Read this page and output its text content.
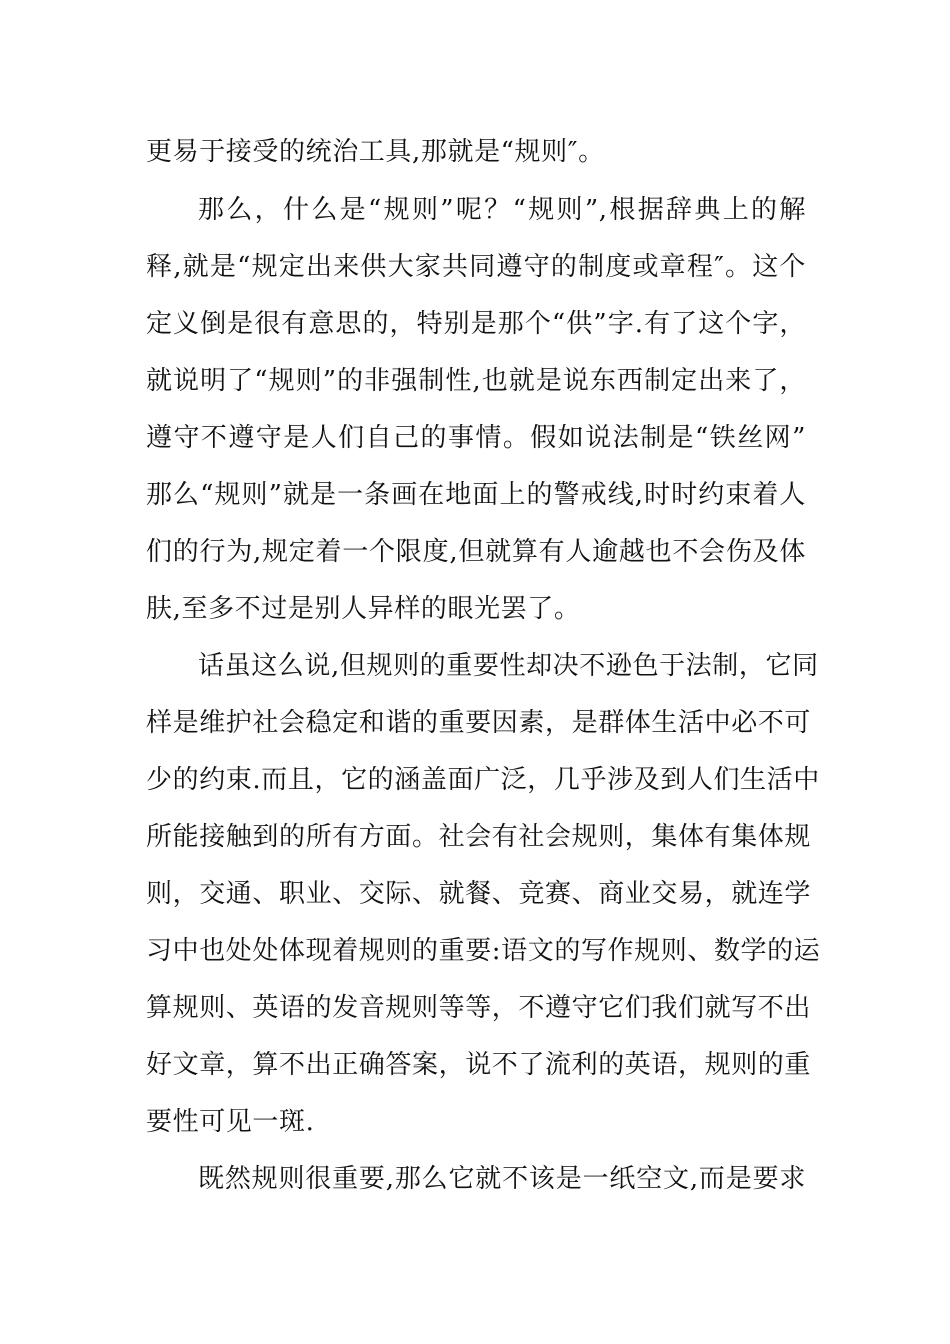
更易于接受的统治工具,那就是“规则″。
那么，什么是“规则”呢？“规则”,根据辞典上的解
释,就是“规定出来供大家共同遵守的制度或章程″。这个
定义倒是很有意思的，特别是那个“供”字.有了这个字，
就说明了“规则”的非强制性,也就是说东西制定出来了，
遵守不遵守是人们自己的事情。假如说法制是“铁丝网”
那么“规则”就是一条画在地面上的警戒线,时时约束着人
们的行为,规定着一个限度,但就算有人逾越也不会伤及体
肤,至多不过是别人异样的眼光罢了。
话虽这么说,但规则的重要性却决不逊色于法制，它同
样是维护社会稳定和谐的重要因素，是群体生活中必不可
少的约束.而且，它的涵盖面广泛，几乎涉及到人们生活中
所能接触到的所有方面。社会有社会规则，集体有集体规
则，交通、职业、交际、就餐、竞赛、商业交易，就连学
习中也处处体现着规则的重要:语文的写作规则、数学的运
算规则、英语的发音规则等等，不遵守它们我们就写不出
好文章，算不出正确答案，说不了流利的英语，规则的重
要性可见一斑.
既然规则很重要,那么它就不该是一纸空文,而是要求
